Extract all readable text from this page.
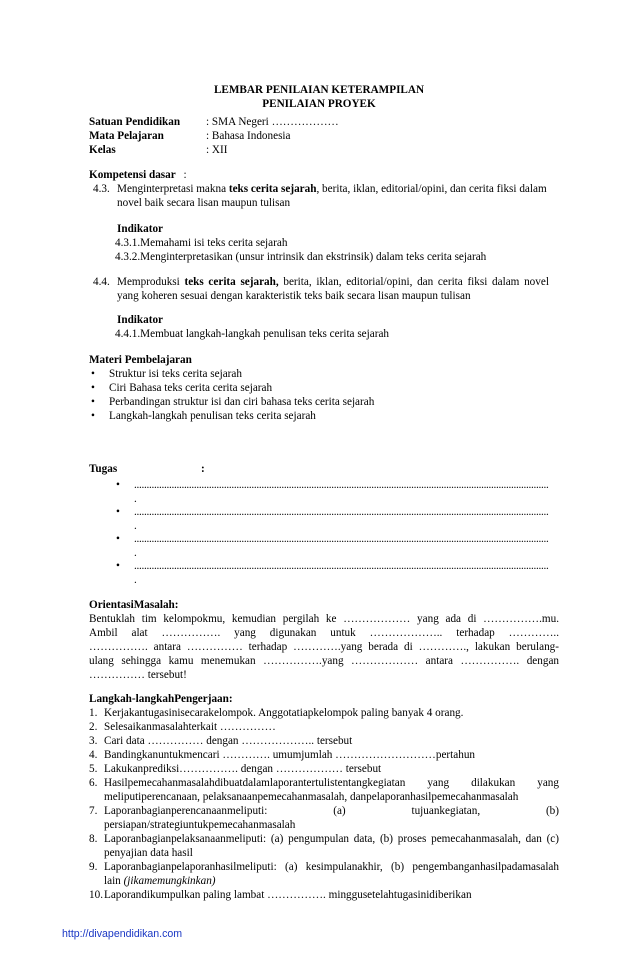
LEMBAR PENILAIAN KETERAMPILAN
PENILAIAN PROYEK
Satuan Pendidikan : SMA Negeri ………………
Mata Pelajaran	: Bahasa Indonesia
Kelas	: XII
Kompetensi dasar :
4.3. Menginterpretasi makna teks cerita sejarah, berita, iklan, editorial/opini, dan cerita fiksi dalam
novel baik secara lisan maupun tulisan
Indikator
4.3.1.Memahami isi teks cerita sejarah
4.3.2.Menginterpretasikan (unsur intrinsik dan ekstrinsik) dalam teks cerita sejarah
4.4. Memproduksi teks cerita sejarah, berita, iklan, editorial/opini, dan cerita fiksi dalam novel
yang koheren sesuai dengan karakteristik teks baik secara lisan maupun tulisan
Indikator
4.4.1.Membuat langkah-langkah penulisan teks cerita sejarah
Materi Pembelajaran
• Struktur isi teks cerita sejarah
• Ciri Bahasa teks cerita cerita sejarah
• Perbandingan struktur isi dan ciri bahasa teks cerita sejarah
• Langkah-langkah penulisan teks cerita sejarah
Tugas	:
• ......................................................................................................................................................................
.
• ......................................................................................................................................................................
.
• ......................................................................................................................................................................
.
• ......................................................................................................................................................................
.
OrientasiMasalah:
Bentuklah tim kelompokmu, kemudian pergilah ke ……………… yang ada di …………….mu.
Ambil alat ……………. yang digunakan untuk ……………….. terhadap …………..
……………. antara …………… terhadap ………….yang berada di …………., lakukan berulang-
ulang sehingga kamu menemukan …………….yang ……………… antara ……………. dengan
…………… tersebut!
Langkah-langkahPengerjaan:
1. Kerjakantugasinisecarakelompok. Anggotatiapkelompok paling banyak 4 orang.
2. Selesaikanmasalahterkait ……………
3. Cari data …………… dengan ……………….. tersebut
4. Bandingkanuntukmencari …………. umumjumlah ………………………pertahun
5. Lakukanprediksi……………. dengan ……………… tersebut
6. Hasilpemecahanmasalahdibuatdalamlaporantertulistentangkegiatan yang dilakukan yang
meliputiperencanaan, pelaksanaanpemecahanmasalah, danpelaporanhasilpemecahanmasalah
7. Laporanbagianperencanaanmeliputi: (a) tujuankegiatan, (b)
persiapan/strategiuntukpemecahanmasalah
8. Laporanbagianpelaksanaanmeliputi: (a) pengumpulan data, (b) proses pemecahanmasalah, dan (c)
penyajian data hasil
9. Laporanbagianpelaporanhasilmeliputi: (a) kesimpulanakhir, (b) pengembanganhasilpadamasalah
lain (jikamemungkinkan)
10. Laporandikumpulkan paling lambat ……………. minggusetelahtugasinidiberikan
http://divapendidikan.com
